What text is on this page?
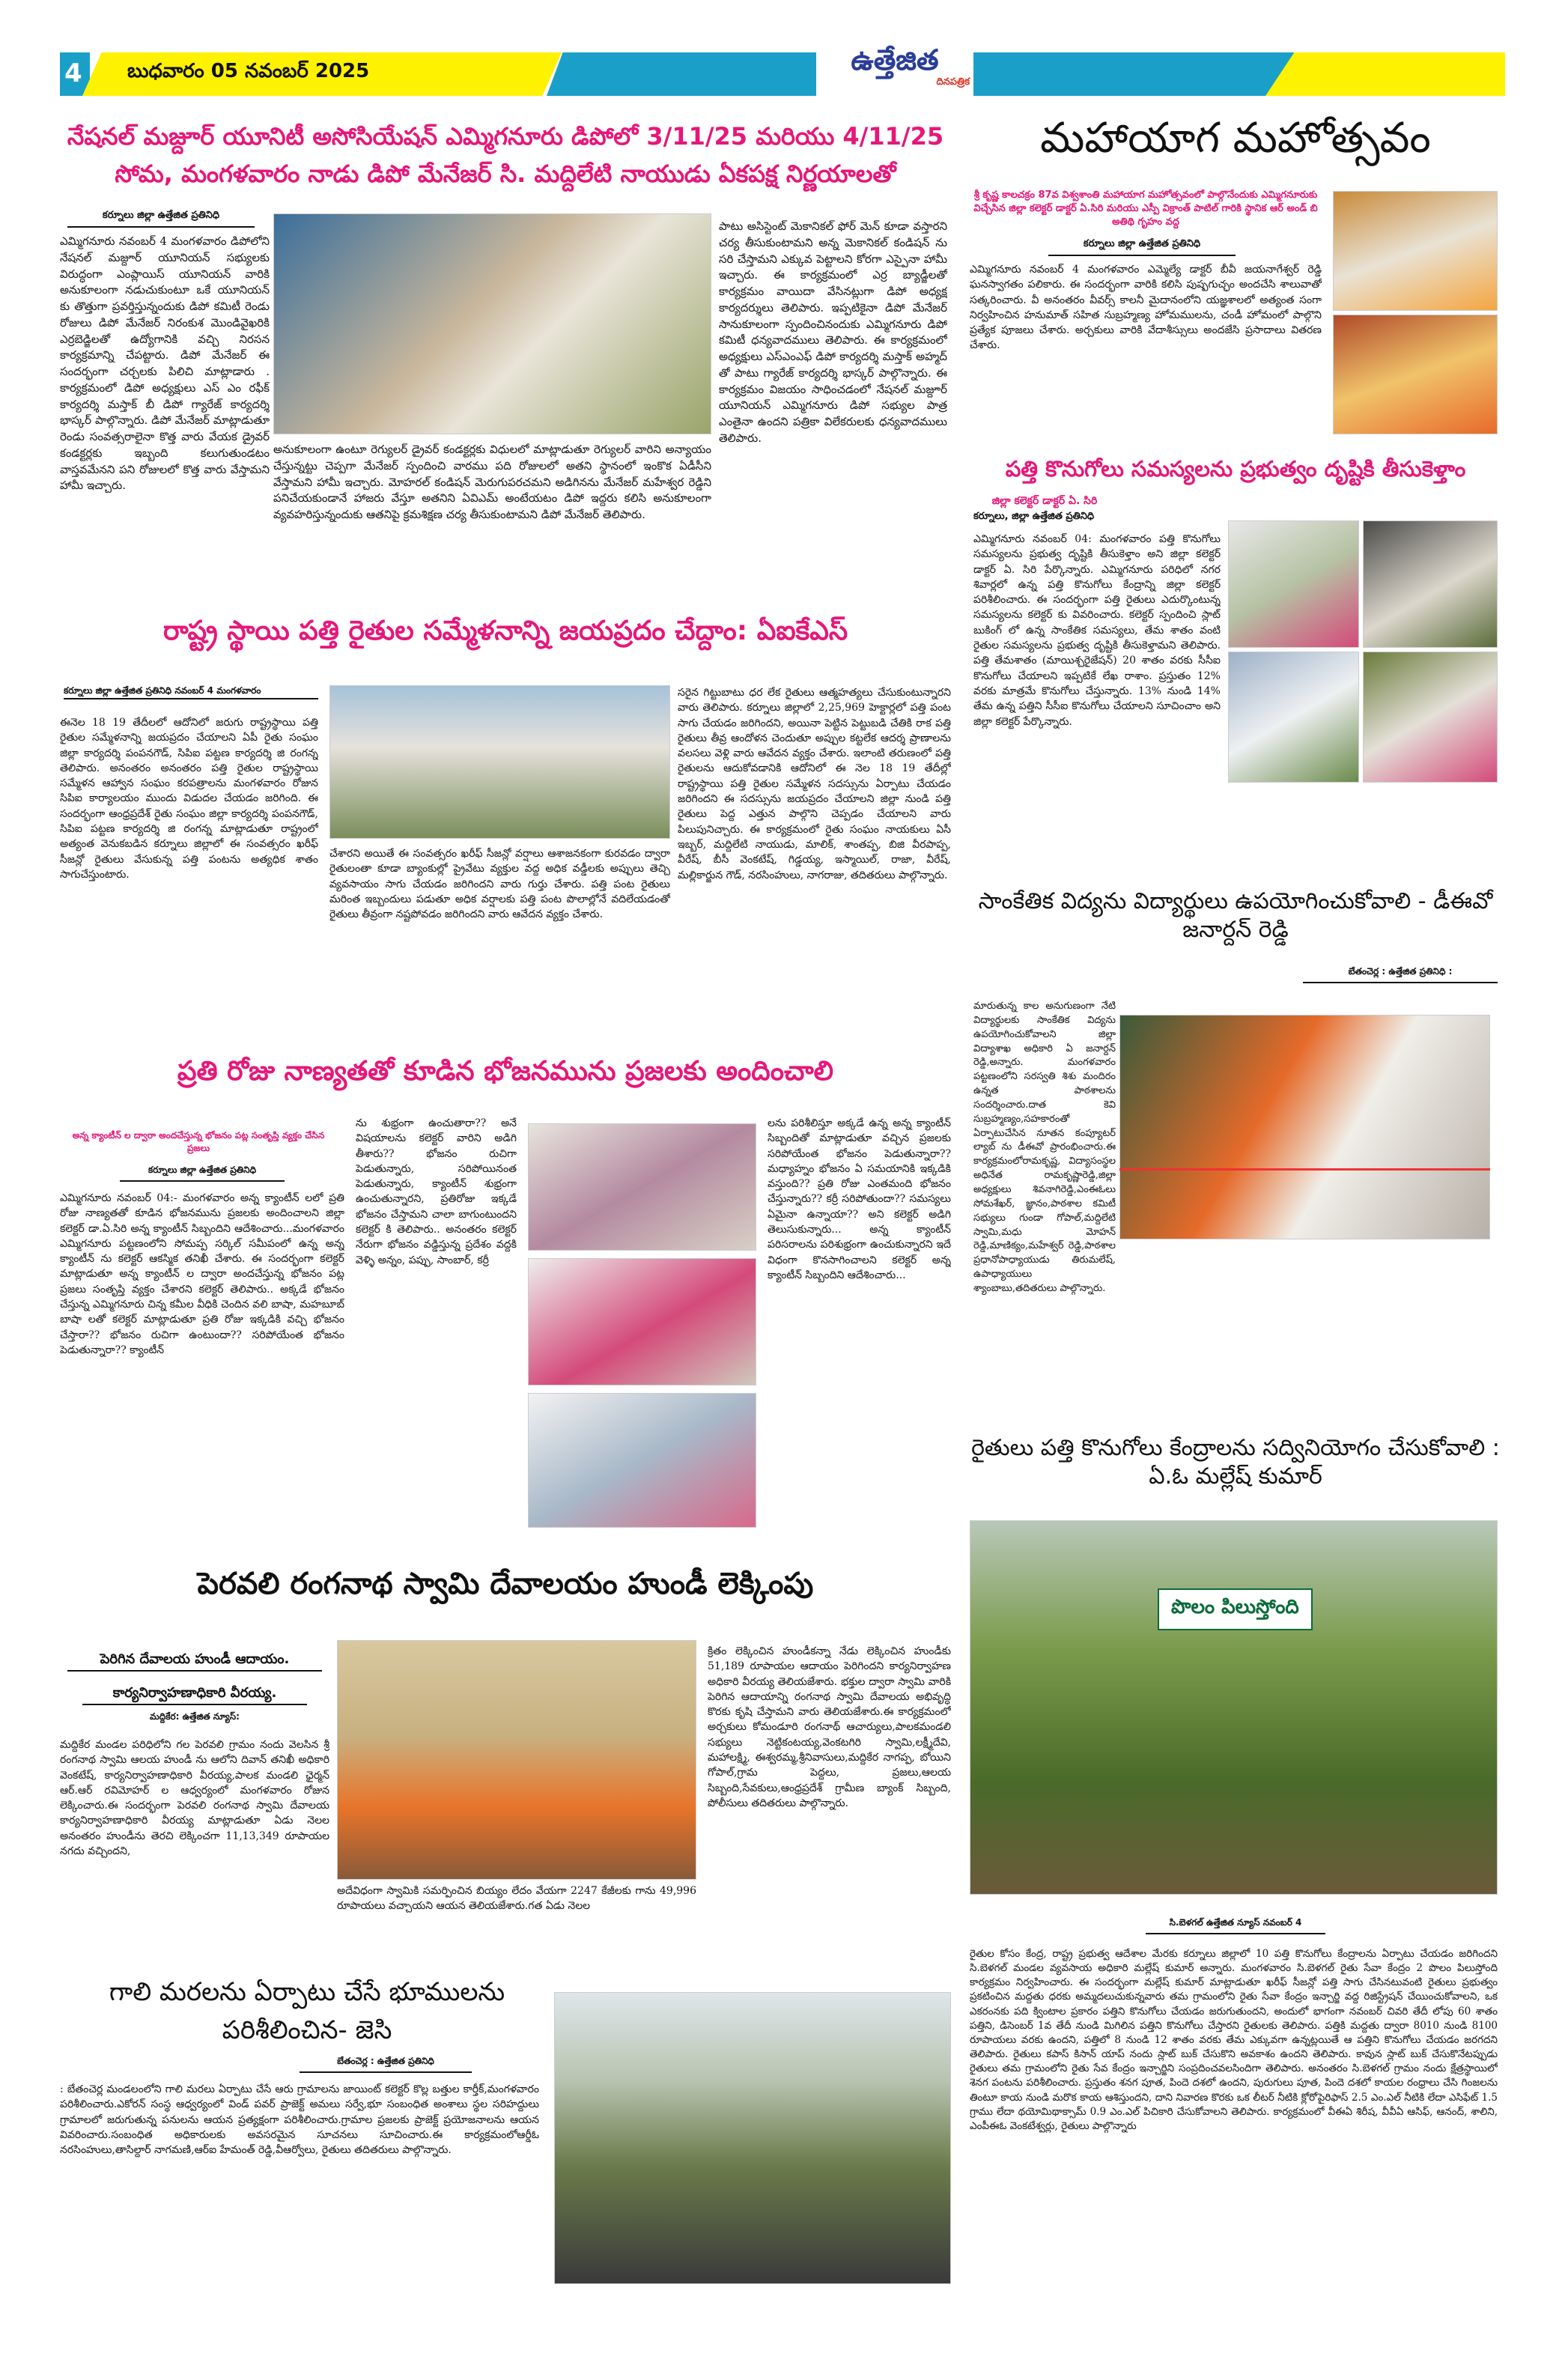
4 బుధవారం 05 నవంబర్ 2025	ఉత్తేజిత
దినపత్రిక
నేషనల్ మజ్దూర్ యూనిటీ అసోసియేషన్ ఎమ్మిగనూరు డిపోలో 3/11/25 మరియు 4/11/25
సోమ, మంగళవారం నాడు డిపో మేనేజర్ సి. మద్దిలేటి నాయుడు ఏకపక్ష నిర్ణయాలతో
కర్నూలు జిల్లా ఉత్తేజిత ప్రతినిధి
ఎమ్మిగనూరు నవంబర్ 4 మంగళవారం డిపోలోని నేషనల్ మజ్దూర్ యూనియన్ సభ్యులకు విరుద్ధంగా ఎంప్లాయిస్ యూనియన్ వారికి అనుకూలంగా నడుచుకుంటూ ఒకే యూనియన్ కు తొత్తుగా ప్రవర్తిస్తున్నందుకు డిపో కమిటీ రెండు రోజులు డిపో మేనేజర్ నిరంకుశ మొండివైఖరికి ఎర్రబెడ్జిలతో ఉద్యోగానికి వచ్చి నిరసన కార్యక్రమాన్ని చేపట్టారు. డిపో మేనేజర్ ఈ సందర్భంగా చర్చలకు పిలిచి మాట్లాడారు . కార్యక్రమంలో డిపో అధ్యక్షులు ఎస్ ఎం రఫీక్ కార్యదర్శి మస్తాక్ బీ డిపో గ్యారేజ్ కార్యదర్శి భాస్కర్ పాల్గొన్నారు. డిపో మేనేజర్ మాట్లాడుతూ రెండు సంవత్సరాలైనా కొత్త వారు వేయక డ్రైవర్ కండక్టర్లకు ఇబ్బంది కలుగుతుండటం వాస్తవమేనని పని రోజులలో కొత్త వారు వేస్తామని హామీ ఇచ్చారు.
అనుకూలంగా ఉంటూ రెగ్యులర్ డ్రైవర్ కండక్టర్లకు విధులలో మాట్లాడుతూ రెగ్యులర్ వారిని అన్యాయం చేస్తున్నట్టు చెప్పగా మేనేజర్ స్పందించి వారము పది రోజులలో అతని స్థానంలో ఇంకొక ఏడీసీని వేస్తామని హామీ ఇచ్చారు. మోహరల్ కండిషన్ మెరుగుపరచమని అడిగినను మేనేజర్ మహేశ్వర రెడ్డిని పనిచేయకుండానే హాజరు వేస్తూ అతనిని ఏవిఎమ్ అంటేయటం డిపో ఇద్దరు కలిసి అనుకూలంగా వ్యవహరిస్తున్నందుకు ఆతనిపై క్రమశిక్షణ చర్య తీసుకుంటామని డిపో మేనేజర్ తెలిపారు.
పాటు అసిస్టెంట్ మెకానికల్ ఫోర్ మెన్ కూడా వస్తారని చర్య తీసుకుంటామని అన్న మెకానికల్ కండిషన్ ను సరి చేస్తామని ఎక్కువ పెట్టాలని కోరగా ఎస్పైనా హామీ ఇచ్చారు. ఈ కార్యక్రమంలో ఎర్ర బ్యాడ్జీలతో కార్యక్రమం వాయిదా వేసినట్లుగా డిపో అధ్యక్ష కార్యదర్శులు తెలిపారు. ఇప్పటికైనా డిపో మేనేజర్ సానుకూలంగా స్పందించినందుకు ఎమ్మిగనూరు డిపో కమిటీ ధన్యవాదములు తెలిపారు. ఈ కార్యక్రమంలో అధ్యక్షులు ఎస్ఎంఎఫ్ డిపో కార్యదర్శి మస్తాక్ అహ్మద్ తో పాటు గ్యారేజ్ కార్యదర్శి భాస్కర్ పాల్గొన్నారు. ఈ కార్యక్రమం విజయం సాధించడంలో నేషనల్ మజ్దూర్ యూనియన్ ఎమ్మిగనూరు డిపో సభ్యుల పాత్ర ఎంతైనా ఉందని పత్రికా విలేకరులకు ధన్యవాదములు తెలిపారు.
మహాయాగ మహోత్సవం
శ్రీ కృష్ణ కాలచక్రం 87వ విశ్వశాంతి మహాయాగ మహోత్సవంలో పాల్గొనేందుకు ఎమ్మిగనూరుకు విచ్చేసిన జిల్లా కలెక్టర్ డాక్టర్ ఏ.సిరి మరియు ఎస్పీ విక్రాంత్ పాటిల్ గారికి స్థానిక ఆర్ అండ్ బి అతిథి గృహం వద్ద
కర్నూలు జిల్లా ఉత్తేజిత ప్రతినిధి
ఎమ్మిగనూరు నవంబర్ 4 మంగళవారం ఎమ్మెల్యే డాక్టర్ బీవీ జయనాగేశ్వర్ రెడ్డి ఘనస్వాగతం పలికారు. ఈ సందర్భంగా వారికి కలిసి పుష్పగుచ్ఛం అందచేసి శాలువాతో సత్కరించారు. వీ అనంతరం వీవర్స్ కాలనీ మైదానంలోని యజ్ఞశాలలో అత్యంత సంగా నిర్వహించిన హనుమాత్ సహిత సుబ్రహ్మణ్య హోమములను, చండీ హోమంలో పాల్గొని ప్రత్యేక పూజలు చేశారు. అర్చకులు వారికి వేదాశీస్సులు అందజేసి ప్రసాదాలు వితరణ చేశారు.
పత్తి కొనుగోలు సమస్యలను ప్రభుత్వం దృష్టికి తీసుకెళ్తాం
జిల్లా కలెక్టర్ డాక్టర్ ఏ. సిరి
కర్నూలు, జిల్లా ఉత్తేజిత ప్రతినిధి
ఎమ్మిగనూరు నవంబర్ 04: మంగళవారం పత్తి కొనుగోలు సమస్యలను ప్రభుత్వ దృష్టికి తీసుకెళ్తాం అని జిల్లా కలెక్టర్ డాక్టర్ ఏ. సిరి పేర్కొన్నారు. ఎమ్మిగనూరు పరిధిలో నగర శివార్లలో ఉన్న పత్తి కొనుగోలు కేంద్రాన్ని జిల్లా కలెక్టర్ పరిశీలించారు. ఈ సందర్భంగా పత్తి రైతులు ఎదుర్కొంటున్న సమస్యలను కలెక్టర్ కు వివరించారు. కలెక్టర్ స్పందించి స్లాట్ బుకింగ్ లో ఉన్న సాంకేతిక సమస్యలు, తేమ శాతం వంటి రైతుల సమస్యలను ప్రభుత్వ దృష్టికి తీసుకెళ్తామని తెలిపారు. పత్తి తేమశాతం (మాయిశ్చరైజేషన్) 20 శాతం వరకు సీసీఐ కొనుగోలు చేయాలని ఇప్పటికే లేఖ రాశాం. ప్రస్తుతం 12% వరకు మాత్రమే కొనుగోలు చేస్తున్నారు. 13% నుండి 14% తేమ ఉన్న పత్తిని సీసీఐ కొనుగోలు చేయాలని సూచించాం అని జిల్లా కలెక్టర్ పేర్కొన్నారు.
రాష్ట్ర స్థాయి పత్తి రైతుల సమ్మేళనాన్ని జయప్రదం చేద్దాం: ఏఐకేఎస్
కర్నూలు జిల్లా ఉత్తేజిత ప్రతినిధి నవంబర్ 4 మంగళవారం
ఈనెల 18 19 తేదీలలో ఆదోనిలో జరుగు రాష్ట్రస్థాయి పత్తి రైతుల సమ్మేళనాన్ని జయప్రదం చేయాలని ఏపీ రైతు సంఘం జిల్లా కార్యదర్శి పంపనగౌడ్, సిపిఐ పట్టణ కార్యదర్శి జి రంగన్న తెలిపారు. అనంతరం అనంతరం పత్తి రైతుల రాష్ట్రస్థాయి సమ్మేళన ఆహ్వాన సంఘం కరపత్రాలను మంగళవారం రోజున సిపిఐ కార్యాలయం ముందు విడుదల చేయడం జరిగింది. ఈ సందర్భంగా ఆంధ్రప్రదేశ్ రైతు సంఘం జిల్లా కార్యదర్శి పంపనగౌడ్, సిపిఐ పట్టణ కార్యదర్శి జి రంగన్న మాట్లాడుతూ రాష్ట్రంలో అత్యంత వెనుకబడిన కర్నూలు జిల్లాలో ఈ సంవత్సరం ఖరీఫ్ సీజన్లో రైతులు వేసుకున్న పత్తి పంటను అత్యధిక శాతం సాగుచేస్తుంటారు.
చేశారని అయితే ఈ సంవత్సరం ఖరీఫ్ సీజన్లో వర్షాలు ఆశాజనకంగా కురవడం ద్వారా రైతులంతా కూడా బ్యాంకుల్లో ప్రైవేటు వ్యక్తుల వద్ద అధిక వడ్డీలకు అప్పులు తెచ్చి వ్యవసాయం సాగు చేయడం జరిగిందని వారు గుర్తు చేశారు. పత్తి పంట రైతులు మరింత ఇబ్బందులు పడుతూ అధిక వర్షాలకు పత్తి పంట పొలాల్లోనే వదిలేయడంతో రైతులు తీవ్రంగా నష్టపోవడం జరిగిందని వారు ఆవేదన వ్యక్తం చేశారు.
సరైన గిట్టుబాటు ధర లేక రైతులు ఆత్మహత్యలు చేసుకుంటున్నారని వారు తెలిపారు. కర్నూలు జిల్లాలో 2,25,969 హెక్టార్లలో పత్తి పంట సాగు చేయడం జరిగిందని, అయినా పెట్టిన పెట్టుబడి చేతికి రాక పత్తి రైతులు తీవ్ర ఆందోళన చెందుతూ అప్పుల కట్టలేక ఆదర్శ ప్రాణాలను వలసలు వెళ్లి వారు ఆవేదన వ్యక్తం చేశారు. ఇలాంటి తరుణంలో పత్తి రైతులను ఆదుకోవడానికి ఆదోనిలో ఈ నెల 18 19 తేదీల్లో రాష్ట్రస్థాయి పత్తి రైతుల సమ్మేళన సదస్సును ఏర్పాటు చేయడం జరిగిందని ఈ సదస్సును జయప్రదం చేయాలని జిల్లా నుండి పత్తి రైతులు పెద్ద ఎత్తున పాల్గొని చెప్పడం చేయాలని వారు పిలుపునిచ్చారు. ఈ కార్యక్రమంలో రైతు సంఘం నాయకులు ఏసీ ఇబ్బర్, మద్దిలేటి నాయుడు, మాలిక్, శాంతప్ప, బిజి వీరపాప్ప, వీరేష్, బీసీ వెంకటేష్, గిడ్డయ్య, ఇస్మాయిల్, రాజా, వీరేష్, మల్లికార్జున గౌడ్, నరసింహులు, నాగరాజు, తదితరులు పాల్గొన్నారు.
ప్రతి రోజు నాణ్యతతో కూడిన భోజనమును ప్రజలకు అందించాలి
అన్న క్యాంటీన్ ల ద్వారా అందచేస్తున్న భోజనం పట్ల సంతృప్తి వ్యక్తం చేసిన ప్రజలు
కర్నూలు జిల్లా ఉత్తేజిత ప్రతినిధి
ఎమ్మిగనూరు నవంబర్ 04:- మంగళవారం అన్న క్యాంటీన్ లలో ప్రతి రోజు నాణ్యతతో కూడిన భోజనమును ప్రజలకు అందించాలని జిల్లా కలెక్టర్ డా.ఏ.సిరి అన్న క్యాంటీన్ సిబ్బందిని ఆదేశించారు...మంగళవారం ఎమ్మిగనూరు పట్టణంలోని సోమప్ప సర్కిల్ సమీపంలో ఉన్న అన్న క్యాంటీన్ ను కలెక్టర్ ఆకస్మిక తనిఖీ చేశారు. ఈ సందర్భంగా కలెక్టర్ మాట్లాడుతూ అన్న క్యాంటీన్ ల ద్వారా అందచేస్తున్న భోజనం పట్ల ప్రజలు సంతృప్తి వ్యక్తం చేశారని కలెక్టర్ తెలిపారు.. అక్కడే భోజనం చేస్తున్న ఎమ్మిగనూరు చిన్న కమీల వీధికి చెందిన వలి బాషా, మహబూబ్ బాషా లతో కలెక్టర్ మాట్లాడుతూ ప్రతి రోజు ఇక్కడికి వచ్చి భోజనం చేస్తారా?? భోజనం రుచిగా ఉంటుందా?? సరిపోయేంత భోజనం పెడుతున్నారా?? క్యాంటీన్
ను శుభ్రంగా ఉంచుతారా?? అనే విషయాలను కలెక్టర్ వారిని అడిగి తీశారు?? భోజనం రుచిగా పెడుతున్నారు, సరిపోయినంత పెడుతున్నారు, క్యాంటీన్ శుభ్రంగా ఉంచుతున్నారని, ప్రతిరోజు ఇక్కడే భోజనం చేస్తామని చాలా బాగుంటుందని కలెక్టర్ కి తెలిపారు.. అనంతరం కలెక్టర్ నేరుగా భోజనం వడ్డిస్తున్న ప్రదేశం వద్దకి వెళ్ళి అన్నం, పప్పు, సాంబార్, కర్రీ
లను పరిశీలిస్తూ అక్కడే ఉన్న అన్న క్యాంటీన్ సిబ్బందితో మాట్లాడుతూ వచ్చిన ప్రజలకు సరిపోయేంత భోజనం పెడుతున్నారా?? మధ్యాహ్నం భోజనం ఏ సమయానికి ఇక్కడికి వస్తుంది?? ప్రతి రోజు ఎంతమంది భోజనం చేస్తున్నారు?? కర్రీ సరిపోతుందా?? సమస్యలు ఏమైనా ఉన్నాయా?? అని కలెక్టర్ అడిగి తెలుసుకున్నారు... అన్న క్యాంటీన్ పరిసరాలను పరిశుభ్రంగా ఉంచుకున్నారని ఇదే విధంగా కొనసాగించాలని కలెక్టర్ అన్న క్యాంటీన్ సిబ్బందిని ఆదేశించారు...
సాంకేతిక విద్యను విద్యార్థులు ఉపయోగించుకోవాలి - డీఈవో జనార్దన్ రెడ్డి
బేతంచెర్ల : ఉత్తేజిత ప్రతినిధి :
మారుతున్న కాల అనుగుణంగా నేటి విద్యార్థులకు సాంకేతిక విద్యను ఉపయోగించుకోవాలని జిల్లా విద్యాశాఖ అధికారి ఏ జనార్దన్ రెడ్డి,అన్నారు. మంగళవారం పట్టణంలోని సరస్వతి శిశు మందిరం ఉన్నత పాఠశాలను సందర్శించారు.దాత కెవి సుబ్రహ్మణ్యం,సహకారంతో ఏర్పాటుచేసిన నూతన కంప్యూటర్ ల్యాబ్ ను డీఈవో ప్రారంభించారు.ఈ కార్యక్రమంలోరామకృష్ణ, విద్యాసంస్థల అధినేత రామకృష్ణారెడ్డి,జిల్లా అధ్యక్షులు శివనాగిరెడ్డి,ఎంఈఓలు సోమశేఖర్, జ్ఞానం,పాఠశాల కమిటీ సభ్యులు గుండా గోపాల్,మద్దిలేటి స్వామి,మధు మోహన్ రెడ్డి,మాణిక్యం,మహేశ్వర్ రెడ్డి,పాఠశాల ప్రధానోపాధ్యాయుడు తిరుమలేష్, ఉపాధ్యాయులు శ్యాంబాబు,తదితరులు పాల్గొన్నారు.
రైతులు పత్తి కొనుగోలు కేంద్రాలను సద్వినియోగం చేసుకోవాలి : ఏ.ఓ మల్లేష్ కుమార్
పొలం పిలుస్తోంది
సి.బెళగల్ ఉత్తేజిత న్యూస్ నవంబర్ 4
రైతుల కోసం కేంద్ర, రాష్ట్ర ప్రభుత్వ ఆదేశాల మేరకు కర్నూలు జిల్లాలో 10 పత్తి కొనుగోలు కేంద్రాలను ఏర్పాటు చేయడం జరిగిందని సి.బెళగల్ మండల వ్యవసాయ అధికారి మల్లేష్ కుమార్ అన్నారు. మంగళవారం సి.బెళగల్ రైతు సేవా కేంద్రం 2 పొలం పిలుస్తోంది కార్యక్రమం నిర్వహించారు. ఈ సందర్భంగా మల్లేష్ కుమార్ మాట్లాడుతూ ఖరీఫ్ సీజన్లో పత్తి సాగు చేసినటువంటి రైతులు ప్రభుత్వం ప్రకటించిన మద్దతు ధరకు అమ్మదలుచుకున్నవారు తమ గ్రామంలోని రైతు సేవా కేంద్రం ఇన్చార్జి వద్ద రిజిస్ట్రేషన్ చేయించుకోవాలని, ఒక ఎకరంనకు పది క్వింటాల ప్రకారం పత్తిని కొనుగోలు చేయడం జరుగుతుందని, అందులో భాగంగా నవంబర్ చివరి తేదీ లోపు 60 శాతం పత్తిని, డిసెంబర్ 1వ తేదీ నుండి మిగిలిన పత్తిని కొనుగోలు చేస్తారని రైతులకు తెలిపారు. పత్తికి మద్దతు ద్వారా 8010 నుండి 8100 రూపాయలు వరకు ఉందని, పత్తిలో 8 నుండి 12 శాతం వరకు తేమ ఎక్కువగా ఉన్నట్లయితే ఆ పత్తిని కొనుగోలు చేయడం జరగదని తెలిపారు. రైతులు కపాస్ కిసాన్ యాప్ నందు స్లాట్ బుక్ చేసుకొని అవకాశం ఉందని తెలిపారు. కావున స్లాట్ బుక్ చేసుకొనేటప్పుడు రైతులు తమ గ్రామంలోని రైతు సేవ కేంద్రం ఇన్చార్జిని సంప్రదించవలసిందిగా తెలిపారు. అనంతరం సి.బెళగల్ గ్రామం నందు క్షేత్రస్థాయిలో శెనగ పంటను పరిశీలించారు. ప్రస్తుతం శనగ పూత, పిందె దశలో ఉందని, పురుగులు పూత, పిందె దశలో కాయల రంధ్రాలు చేసి గింజలను తింటూ కాయ నుండి మరొక కాయ ఆశిస్తుందని, దాని నివారణ కొరకు ఒక లీటర్ నీటికి క్లోరోపైరిఫాస్ 2.5 ఎం.ఎల్ నీటికి లేదా ఎసిఫేట్ 1.5 గ్రాము లేదా థయోమిథాక్సామ్ 0.9 ఎం.ఎల్ పిచికారి చేసుకోవాలని తెలిపారు. కార్యక్రమంలో వీఈఏ శిరీష, వీవీఏ ఆసిఫ్, ఆనంద్, శాలిని, ఎంపీఈఓ వెంకటేశ్వర్లు, రైతులు పాల్గొన్నారు
పెరవలి రంగనాథ స్వామి దేవాలయం హుండీ లెక్కింపు
పెరిగిన దేవాలయ హుండీ ఆదాయం.
కార్యనిర్వాహణాధికారి వీరయ్య.
మద్దికేర: ఉత్తేజిత న్యూస్:
మద్దికేర మండల పరిధిలోని గల పెరవలి గ్రామం నందు వెలసిన శ్రీ రంగనాథ స్వామి ఆలయ హుండీ ను ఆలోని దివాన్ తనిఖీ అధికారి వెంకటేష్, కార్యనిర్వాహణాధికారి వీరయ్య,పాలక మండలి ఛైర్మన్ ఆర్.ఆర్ రవిమోహర్ ల ఆధ్వర్యంలో మంగళవారం రోజున లెక్కించారు.ఈ సందర్భంగా పెరవలి రంగనాథ స్వామి దేవాలయ కార్యనిర్వాహణాధికారి వీరయ్య మాట్లాడుతూ ఏడు నెలల అనంతరం హుండీను తెరచి లెక్కించగా 11,13,349 రూపాయల నగదు వచ్చిందని,
అదేవిధంగా స్వామికి సమర్పించిన బియ్యం లేదం వేయగా 2247 కేజీలకు గాను 49,996 రూపాయలు వచ్చాయని ఆయన తెలియజేశారు.గత ఏడు నెలల
క్రితం లెక్కించిన హుండీకన్నా నేడు లెక్కించిన హుండీకు 51,189 రూపాయల ఆదాయం పెరిగిందని కార్యనిర్వాహణ అధికారి వీరయ్య తెలియజేశారు. భక్తుల ద్వారా స్వామి వారికి పెరిగిన ఆదాయాన్ని రంగనాథ స్వామి దేవాలయ అభివృద్ధి కొరకు కృషి చేస్తామని వారు తెలియజేశారు.ఈ కార్యక్రమంలో అర్చకులు కోమండూరి రంగనాథ్ ఆచార్యులు,పాలకమండలి సభ్యులు నెట్టికంటయ్య,వెంకటగిరి స్వామి,లక్ష్మీదేవి, మహాలక్ష్మి, ఈశ్వరమ్మ,శ్రీనివాసులు,మద్దికేర నాగప్ప, బోయిని గోపాల్,గ్రామ పెద్దలు, ప్రజలు,ఆలయ సిబ్బంది,సేవకులు,ఆంధ్రప్రదేశ్ గ్రామీణ బ్యాంక్ సిబ్బంది, పోలీసులు తదితరులు పాల్గొన్నారు.
గాలి మరలను ఏర్పాటు చేసే భూములను పరిశీలించిన- జెసి
బేతంచెర్ల : ఉత్తేజిత ప్రతినిధి
: బేతంచెర్ల మండలంలోని గాలి మరలు ఏర్పాటు చేసే ఆరు గ్రామాలను జాయింట్ కలెక్టర్ కొల్ల బత్తుల కార్తీక్,మంగళవారం పరిశీలించారు.ఎకోరన్ సంస్థ ఆధ్వర్యంలో విండ్ పవర్ ప్రాజెక్ట్ అమలు సర్వే,భూ సంబంధిత అంశాలు స్థల సరిహద్దులు గ్రామాలలో జరుగుతున్న పనులను ఆయన ప్రత్యక్షంగా పరిశీలించారు.గ్రామాల ప్రజలకు ప్రాజెక్ట్ ప్రయోజనాలను ఆయన వివరించారు.సంబంధిత అధికారులకు అవసరమైన సూచనలు సూచించారు.ఈ కార్యక్రమంలోఆర్డీఓ నరసింహులు,తాసిల్దార్ నాగమణి,ఆర్ఐ హేమంత్ రెడ్డి,వీఆర్వోలు, రైతులు తదితరులు పాల్గొన్నారు.
